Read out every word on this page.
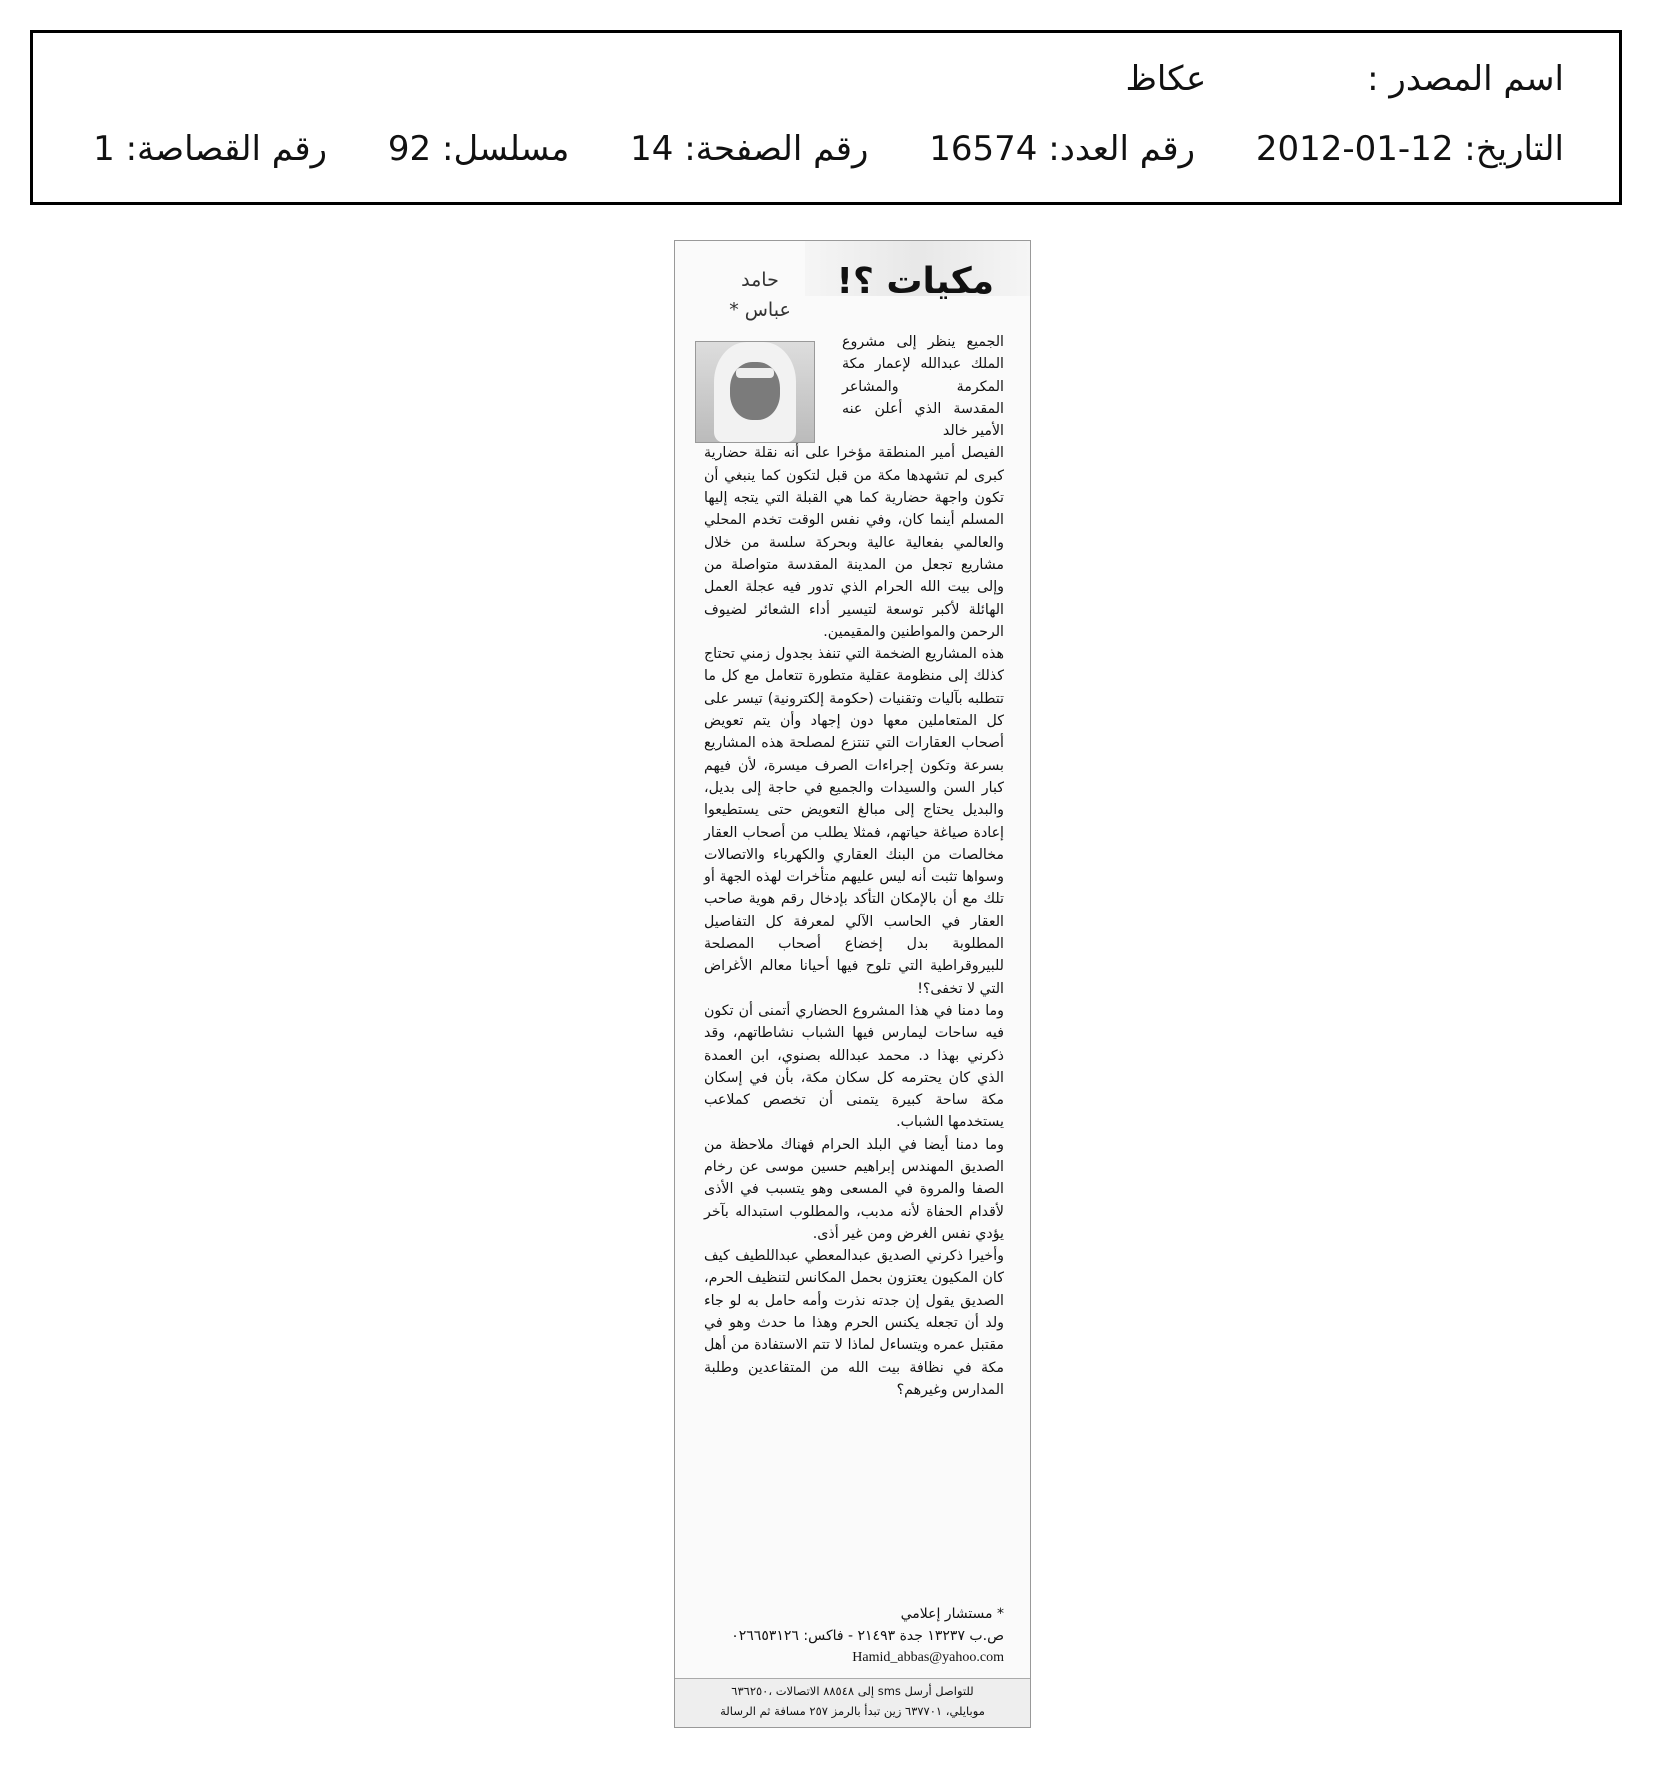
اسم المصدر : عكاظ
التاريخ: 12-01-2012 رقم العدد: 16574 رقم الصفحة: 14 مسلسل: 92 رقم القصاصة: 1
مكيات ؟!
حامد
عباس *

الجميع ينظر إلى مشروع الملك عبدالله لإعمار مكة المكرمة والمشاعر المقدسة الذي أعلن عنه الأمير خالد

الفيصل أمير المنطقة مؤخرا على أنه نقلة حضارية كبرى لم تشهدها مكة من قبل لتكون كما ينبغي أن تكون واجهة حضارية كما هي القبلة التي يتجه إليها المسلم أينما كان، وفي نفس الوقت تخدم المحلي والعالمي بفعالية عالية وبحركة سلسة من خلال مشاريع تجعل من المدينة المقدسة متواصلة من وإلى بيت الله الحرام الذي تدور فيه عجلة العمل الهائلة لأكبر توسعة لتيسير أداء الشعائر لضيوف الرحمن والمواطنين والمقيمين.

هذه المشاريع الضخمة التي تنفذ بجدول زمني تحتاج كذلك إلى منظومة عقلية متطورة تتعامل مع كل ما تتطلبه بآليات وتقنيات (حكومة إلكترونية) تيسر على كل المتعاملين معها دون إجهاد وأن يتم تعويض أصحاب العقارات التي تنتزع لمصلحة هذه المشاريع بسرعة وتكون إجراءات الصرف ميسرة، لأن فيهم كبار السن والسيدات والجميع في حاجة إلى بديل، والبديل يحتاج إلى مبالغ التعويض حتى يستطيعوا إعادة صياغة حياتهم، فمثلا يطلب من أصحاب العقار مخالصات من البنك العقاري والكهرباء والاتصالات وسواها تثبت أنه ليس عليهم متأخرات لهذه الجهة أو تلك مع أن بالإمكان التأكد بإدخال رقم هوية صاحب العقار في الحاسب الآلي لمعرفة كل التفاصيل المطلوبة بدل إخضاع أصحاب المصلحة للبيروقراطية التي تلوح فيها أحيانا معالم الأغراض التي لا تخفى؟!

وما دمنا في هذا المشروع الحضاري أتمنى أن تكون فيه ساحات ليمارس فيها الشباب نشاطاتهم، وقد ذكرني بهذا د. محمد عبدالله بصنوي، ابن العمدة الذي كان يحترمه كل سكان مكة، بأن في إسكان مكة ساحة كبيرة يتمنى أن تخصص كملاعب يستخدمها الشباب.

وما دمنا أيضا في البلد الحرام فهناك ملاحظة من الصديق المهندس إبراهيم حسين موسى عن رخام الصفا والمروة في المسعى وهو يتسبب في الأذى لأقدام الحفاة لأنه مدبب، والمطلوب استبداله بآخر يؤدي نفس الغرض ومن غير أذى.

وأخيرا ذكرني الصديق عبدالمعطي عبداللطيف كيف كان المكيون يعتزون بحمل المكانس لتنظيف الحرم، الصديق يقول إن جدته نذرت وأمه حامل به لو جاء ولد أن تجعله يكنس الحرم وهذا ما حدث وهو في مقتبل عمره ويتساءل لماذا لا تتم الاستفادة من أهل مكة في نظافة بيت الله من المتقاعدين وطلبة المدارس وغيرهم؟

* مستشار إعلامي
ص.ب ١٣٢٣٧ جدة ٢١٤٩٣ - فاكس: ٠٢٦٦٥٣١٢٦
Hamid_abbas@yahoo.com
للتواصل أرسل sms إلى ٨٨٥٤٨ الاتصالات ،٦٣٦٢٥٠
موبايلي، ٦٣٧٧٠١ زين تبدأ بالرمز ٢٥٧ مسافة ثم الرسالة
